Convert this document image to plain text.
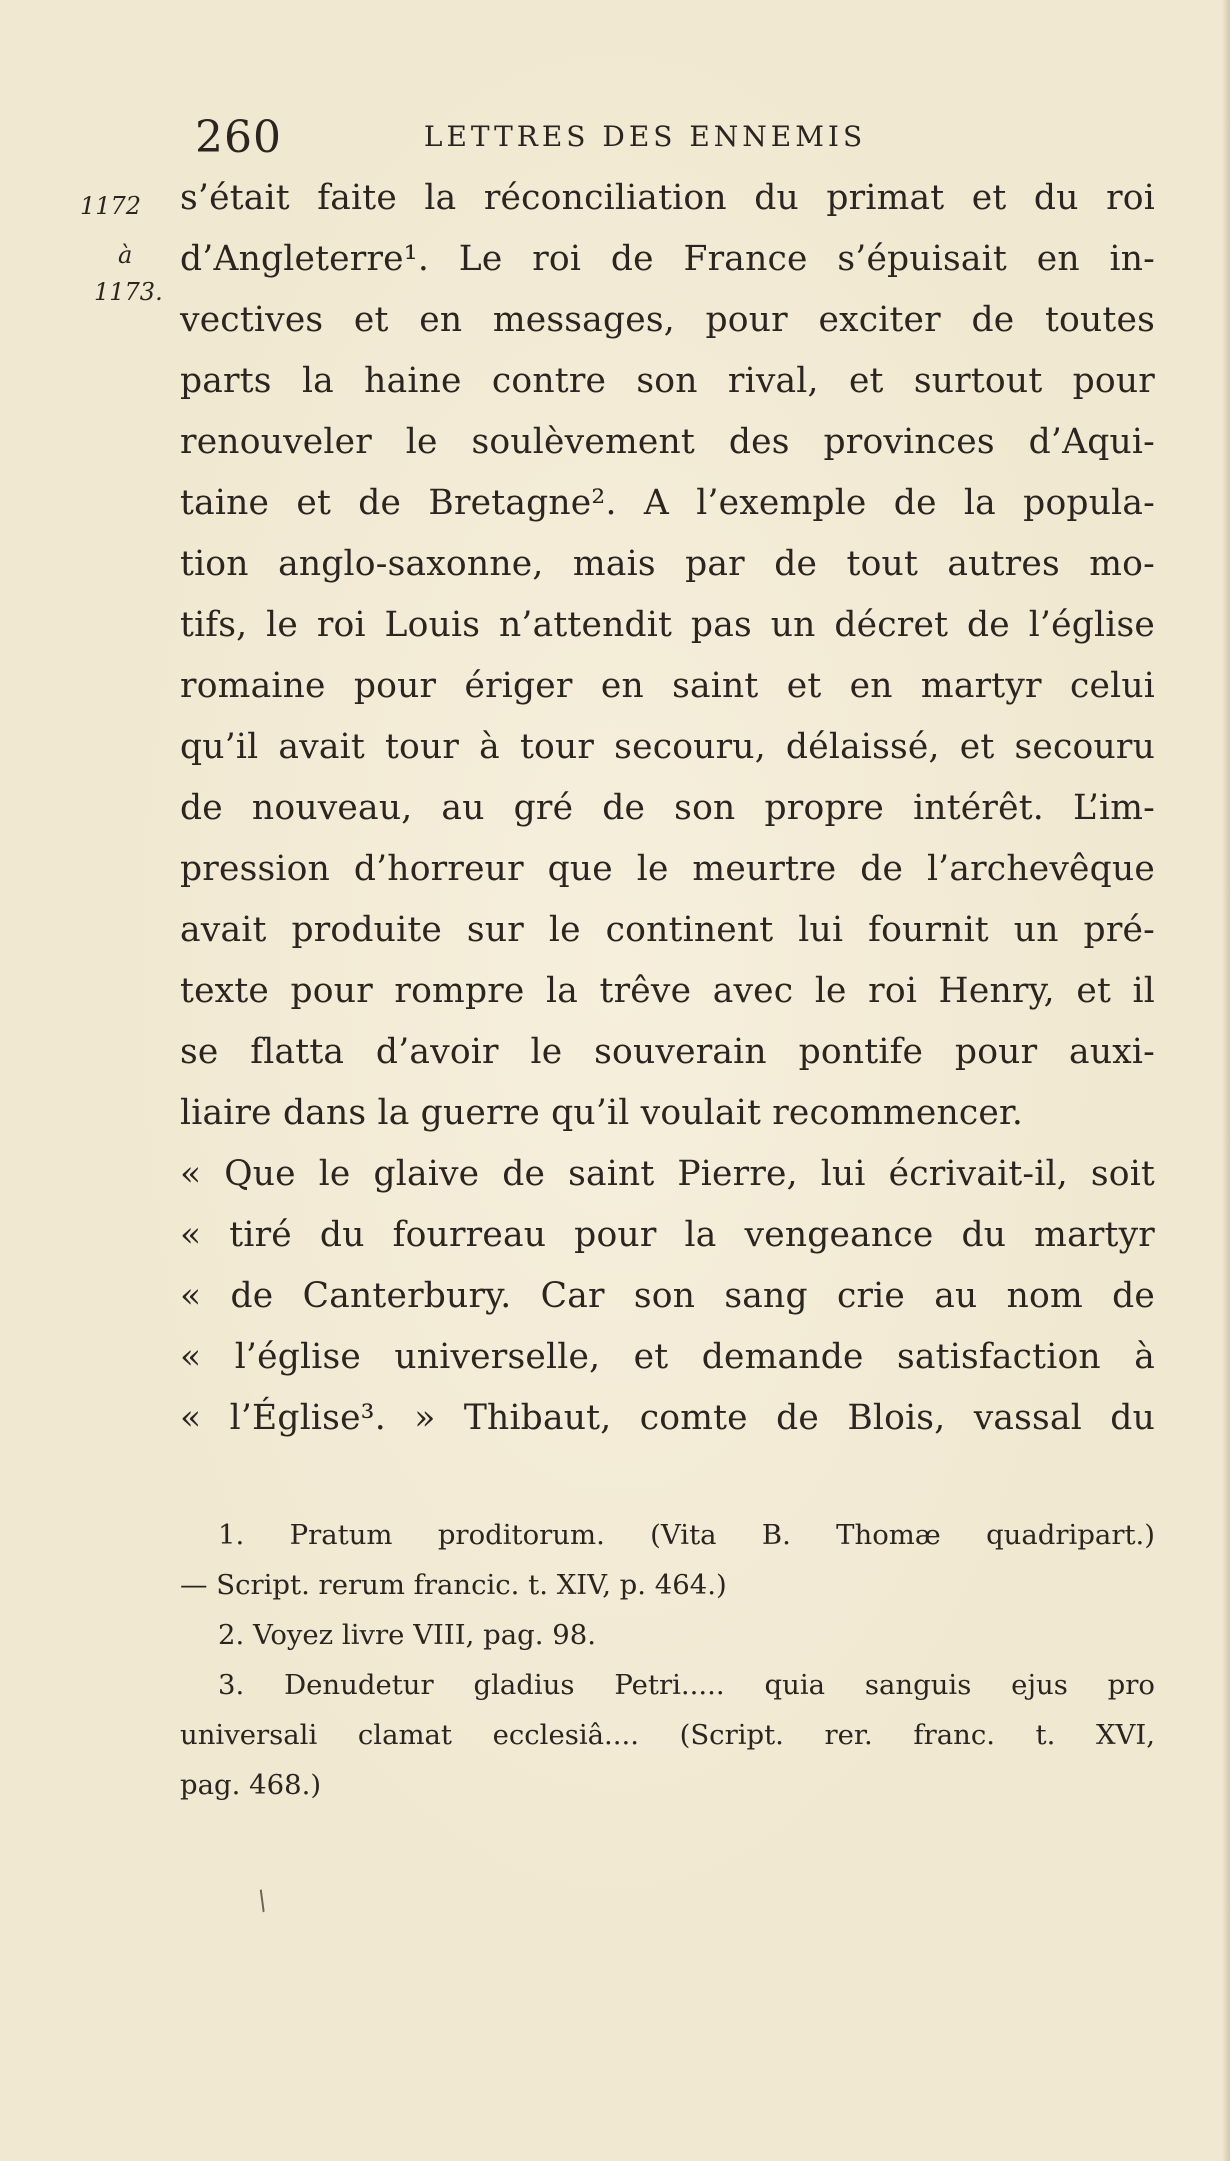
260	LETTRES DES ENNEMIS
1172
à
1173.
s’était faite la réconciliation du primat et du roi
d’Angleterre¹. Le roi de France s’épuisait en in-
vectives et en messages, pour exciter de toutes
parts la haine contre son rival, et surtout pour
renouveler le soulèvement des provinces d’Aqui-
taine et de Bretagne². A l’exemple de la popula-
tion anglo-saxonne, mais par de tout autres mo-
tifs, le roi Louis n’attendit pas un décret de l’église
romaine pour ériger en saint et en martyr celui
qu’il avait tour à tour secouru, délaissé, et secouru
de nouveau, au gré de son propre intérêt. L’im-
pression d’horreur que le meurtre de l’archevêque
avait produite sur le continent lui fournit un pré-
texte pour rompre la trêve avec le roi Henry, et il
se flatta d’avoir le souverain pontife pour auxi-
liaire dans la guerre qu’il voulait recommencer.
« Que le glaive de saint Pierre, lui écrivait-il, soit
« tiré du fourreau pour la vengeance du martyr
« de Canterbury. Car son sang crie au nom de
« l’église universelle, et demande satisfaction à
« l’Église³. » Thibaut, comte de Blois, vassal du
1. Pratum proditorum. (Vita B. Thomæ quadripart.)
— Script. rerum francic. t. XIV, p. 464.)
2. Voyez livre VIII, pag. 98.
3. Denudetur gladius Petri..... quia sanguis ejus pro
universali clamat ecclesiâ.... (Script. rer. franc. t. XVI,
pag. 468.)
/
